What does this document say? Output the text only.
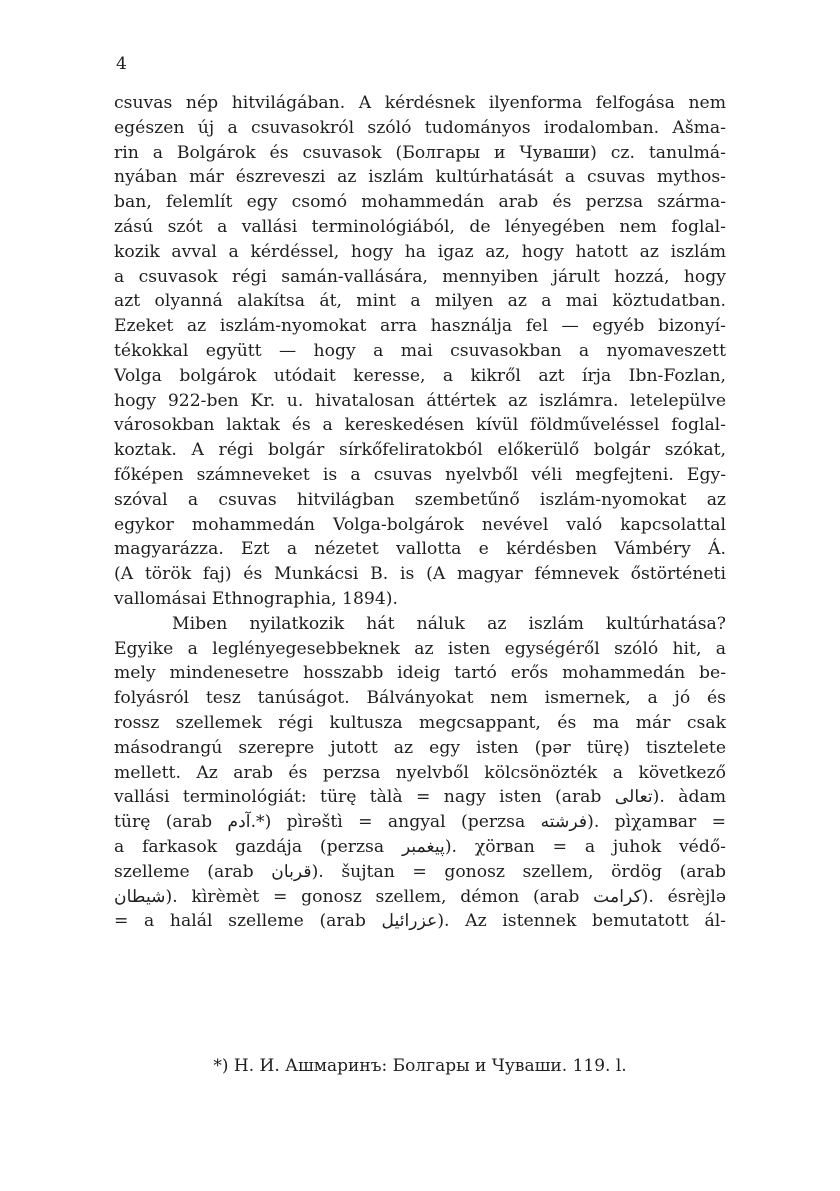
4
csuvas nép hitvilágában. A kérdésnek ilyenforma felfogása nem
egészen új a csuvasokról szóló tudományos irodalomban. Ašma-
rin a Bolgárok és csuvasok (Болгары и Чуваши) cz. tanulmá-
nyában már észreveszi az iszlám kultúrhatását a csuvas mythos-
ban, felemlít egy csomó mohammedán arab és perzsa szárma-
zású szót a vallási terminológiából, de lényegében nem foglal-
kozik avval a kérdéssel, hogy ha igaz az, hogy hatott az iszlám
a csuvasok régi samán-vallására, mennyiben járult hozzá, hogy
azt olyanná alakítsa át, mint a milyen az a mai köztudatban.
Ezeket az iszlám-nyomokat arra használja fel — egyéb bizonyí-
tékokkal együtt — hogy a mai csuvasokban a nyomaveszett
Volga bolgárok utódait keresse, a kikről azt írja Ibn-Fozlan,
hogy 922-ben Kr. u. hivatalosan áttértek az iszlámra. letelepülve
városokban laktak és a kereskedésen kívül földműveléssel foglal-
koztak. A régi bolgár sírkőfeliratokból előkerülő bolgár szókat,
főképen számneveket is a csuvas nyelvből véli megfejteni. Egy-
szóval a csuvas hitvilágban szembetűnő iszlám-nyomokat az
egykor mohammedán Volga-bolgárok nevével való kapcsolattal
magyarázza. Ezt a nézetet vallotta e kérdésben Vámbéry Á.
(A török faj) és Munkácsi B. is (A magyar fémnevek őstörténeti
vallomásai Ethnographia, 1894).
Miben nyilatkozik hát náluk az iszlám kultúrhatása?
Egyike a leglényegesebbeknek az isten egységéről szóló hit, a
mely mindenesetre hosszabb ideig tartó erős mohammedán be-
folyásról tesz tanúságot. Bálványokat nem ismernek, a jó és
rossz szellemek régi kultusza megcsappant, és ma már csak
másodrangú szerepre jutott az egy isten (pər türę) tisztelete
mellett. Az arab és perzsa nyelvből kölcsönözték a következő
vallási terminológiát: türę tàlà = nagy isten (arab تعالى). àdam
türę (arab آدم.*) pìrəštì = angyal (perzsa فرشته). pìχamвar =
a farkasok gazdája (perzsa پیغمبر). χörвan = a juhok védő-
szelleme (arab قربان). šujtan = gonosz szellem, ördög (arab
شيطان). kìrèmèt = gonosz szellem, démon (arab كرامت). ésrèjlə
= a halál szelleme (arab عزرائيل). Az istennek bemutatott ál-
*) Н. И. Ашмаринъ: Болгары и Чуваши. 119. l.
